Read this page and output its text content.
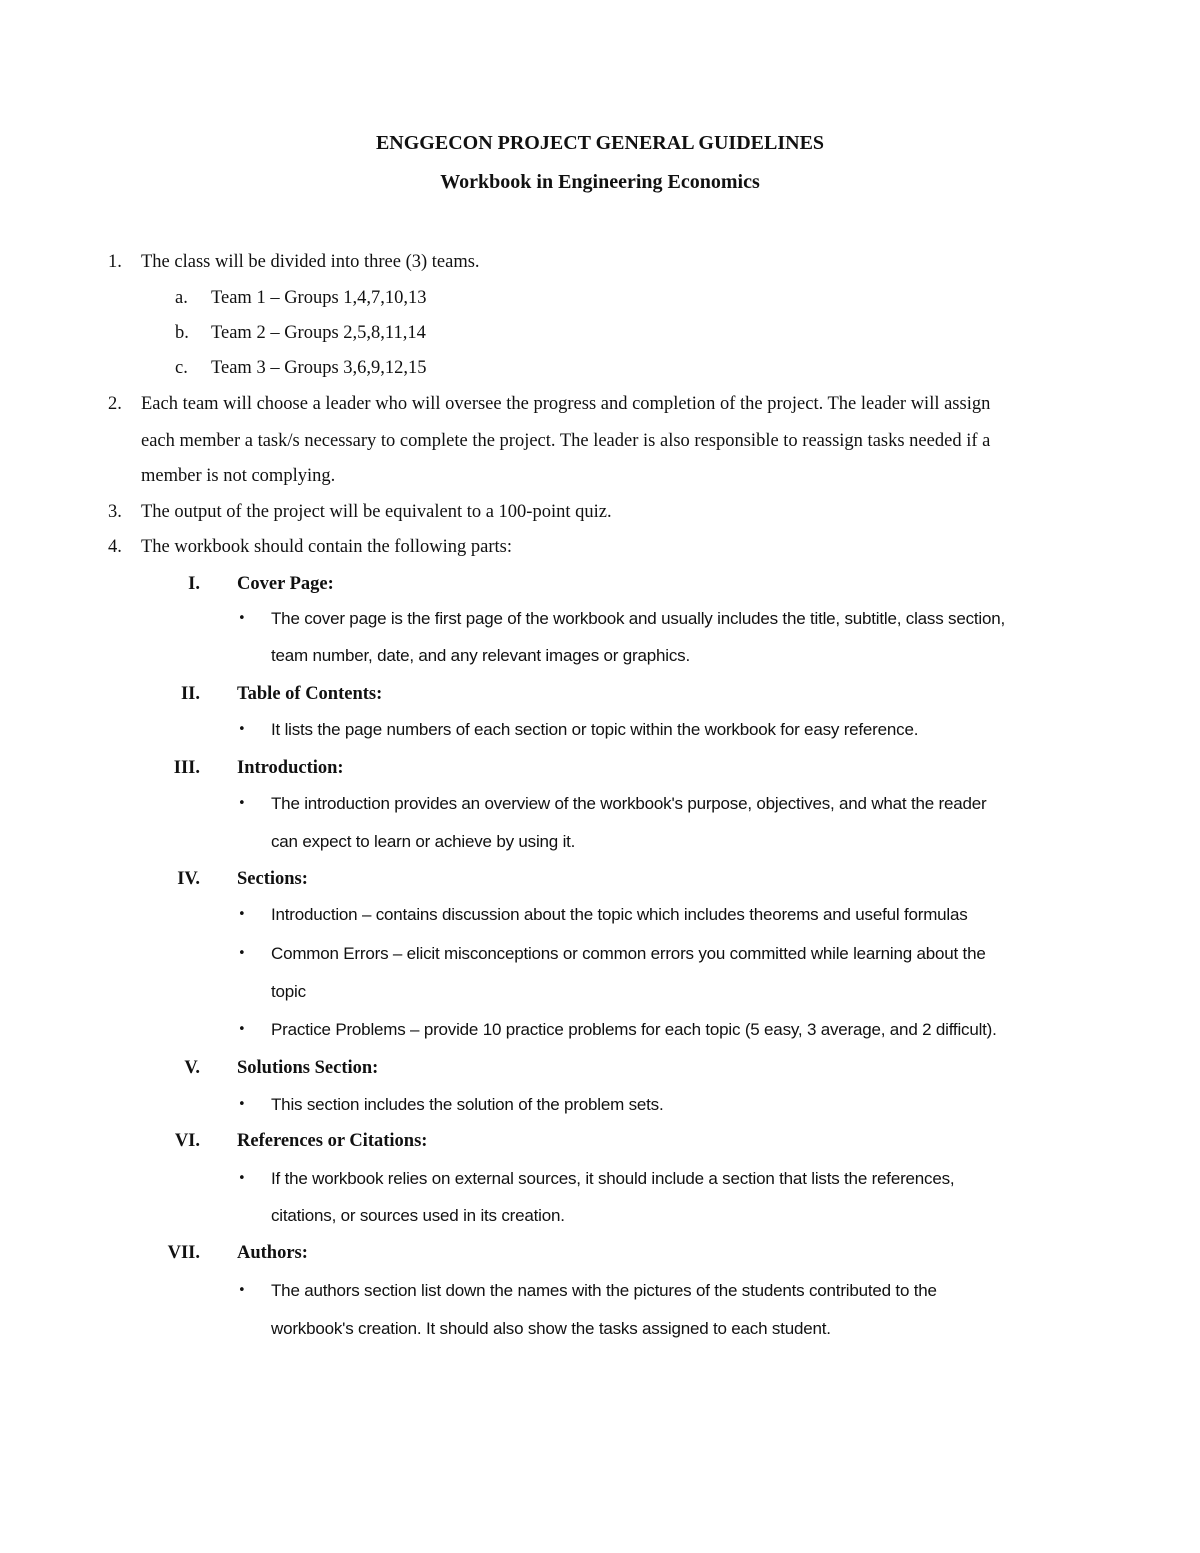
ENGGECON PROJECT GENERAL GUIDELINES
Workbook in Engineering Economics
1. The class will be divided into three (3) teams.
a. Team 1 – Groups 1,4,7,10,13
b. Team 2 – Groups 2,5,8,11,14
c. Team 3 – Groups 3,6,9,12,15
2. Each team will choose a leader who will oversee the progress and completion of the project. The leader will assign
each member a task/s necessary to complete the project. The leader is also responsible to reassign tasks needed if a
member is not complying.
3. The output of the project will be equivalent to a 100-point quiz.
4. The workbook should contain the following parts:
I. Cover Page:
• The cover page is the first page of the workbook and usually includes the title, subtitle, class section,
team number, date, and any relevant images or graphics.
II. Table of Contents:
• It lists the page numbers of each section or topic within the workbook for easy reference.
III. Introduction:
• The introduction provides an overview of the workbook's purpose, objectives, and what the reader
can expect to learn or achieve by using it.
IV. Sections:
• Introduction – contains discussion about the topic which includes theorems and useful formulas
• Common Errors – elicit misconceptions or common errors you committed while learning about the
topic
• Practice Problems – provide 10 practice problems for each topic (5 easy, 3 average, and 2 difficult).
V. Solutions Section:
• This section includes the solution of the problem sets.
VI. References or Citations:
• If the workbook relies on external sources, it should include a section that lists the references,
citations, or sources used in its creation.
VII. Authors:
• The authors section list down the names with the pictures of the students contributed to the
workbook's creation. It should also show the tasks assigned to each student.
